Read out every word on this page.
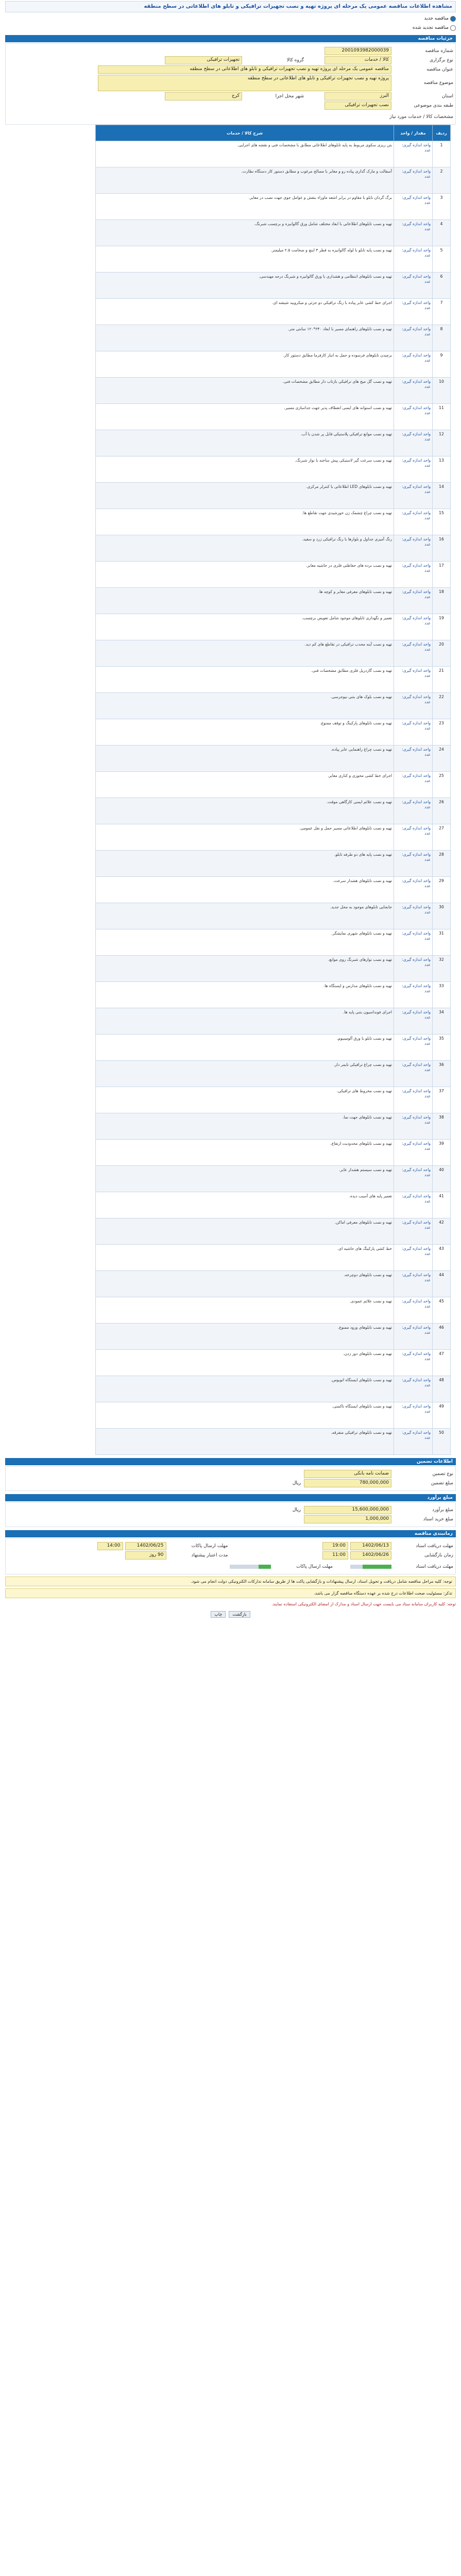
مشاهده اطلاعات مناقصه عمومی یک مرحله ای پروژه تهیه و نصب تجهیزات ترافیکی و تابلو های اطلاعاتی در سطح منطقه
مناقصه جدید
مناقصه تجدید شده
جزئیات مناقصه
شماره مناقصه
2001093982000039
نوع برگزاری
کالا / خدمات
گروه کالا
تجهیزات ترافیکی
عنوان مناقصه
مناقصه عمومی یک مرحله ای پروژه تهیه و نصب تجهیزات ترافیکی و تابلو های اطلاعاتی در سطح منطقه
موضوع مناقصه
پروژه تهیه و نصب تجهیزات ترافیکی و تابلو های اطلاعاتی در سطح منطقه
استان
البرز
شهر محل اجرا
کرج
طبقه بندی موضوعی
نصب تجهیزات ترافیکی
مشخصات کالا / خدمات مورد نیاز
ردیف	مقدار / واحد	شرح کالا / خدمات
1	واحد اندازه گیری: عدد	بتن ریزی سکوی مربوط به پایه تابلوهای اطلاعاتی مطابق با مشخصات فنی و نقشه های اجرایی.
2	واحد اندازه گیری: عدد	آسفالت و مارک گذاری پیاده رو و معابر با مصالح مرغوب و مطابق دستور کار دستگاه نظارت.
3	واحد اندازه گیری: عدد	برگ گردان تابلو با مقاوم در برابر اشعه ماوراء بنفش و عوامل جوی جهت نصب در معابر.
4	واحد اندازه گیری: عدد	تهیه و نصب تابلوهای اطلاعاتی با ابعاد مختلف شامل ورق گالوانیزه و برچسب شبرنگ.
5	واحد اندازه گیری: عدد	تهیه و نصب پایه تابلو با لوله گالوانیزه به قطر ۳ اینچ و ضخامت ۲.۵ میلیمتر.
6	واحد اندازه گیری: عدد	تهیه و نصب تابلوهای انتظامی و هشداری با ورق گالوانیزه و شبرنگ درجه مهندسی.
7	واحد اندازه گیری: عدد	اجرای خط کشی عابر پیاده با رنگ ترافیکی دو جزئی و میکروبید شیشه ای.
8	واحد اندازه گیری: عدد	تهیه و نصب تابلوهای راهنمای مسیر با ابعاد ۲۴۰*۱۲۰ سانتی متر.
9	واحد اندازه گیری: عدد	برچیدن تابلوهای فرسوده و حمل به انبار کارفرما مطابق دستور کار.
10	واحد اندازه گیری: عدد	تهیه و نصب گل میخ های ترافیکی بازتاب دار مطابق مشخصات فنی.
11	واحد اندازه گیری: عدد	تهیه و نصب استوانه های ایمنی انعطاف پذیر جهت جداسازی مسیر.
12	واحد اندازه گیری: عدد	تهیه و نصب موانع ترافیکی پلاستیکی قابل پر شدن با آب.
13	واحد اندازه گیری: عدد	تهیه و نصب سرعت گیر لاستیکی پیش ساخته با نوار شبرنگ.
14	واحد اندازه گیری: عدد	تهیه و نصب تابلوهای LED اطلاعاتی با کنترلر مرکزی.
15	واحد اندازه گیری: عدد	تهیه و نصب چراغ چشمک زن خورشیدی جهت تقاطع ها.
16	واحد اندازه گیری: عدد	رنگ آمیزی جداول و بلوارها با رنگ ترافیکی زرد و سفید.
17	واحد اندازه گیری: عدد	تهیه و نصب نرده های حفاظتی فلزی در حاشیه معابر.
18	واحد اندازه گیری: عدد	تهیه و نصب تابلوهای معرفی معابر و کوچه ها.
19	واحد اندازه گیری: عدد	تعمیر و نگهداری تابلوهای موجود شامل تعویض برچسب.
20	واحد اندازه گیری: عدد	تهیه و نصب آینه محدب ترافیکی در تقاطع های کم دید.
21	واحد اندازه گیری: عدد	تهیه و نصب گاردریل فلزی مطابق مشخصات فنی.
22	واحد اندازه گیری: عدد	تهیه و نصب بلوک های بتنی نیوجرسی.
23	واحد اندازه گیری: عدد	تهیه و نصب تابلوهای پارکینگ و توقف ممنوع.
24	واحد اندازه گیری: عدد	تهیه و نصب چراغ راهنمایی عابر پیاده.
25	واحد اندازه گیری: عدد	اجرای خط کشی محوری و کناری معابر.
26	واحد اندازه گیری: عدد	تهیه و نصب علائم ایمنی کارگاهی موقت.
27	واحد اندازه گیری: عدد	تهیه و نصب تابلوهای اطلاعاتی مسیر حمل و نقل عمومی.
28	واحد اندازه گیری: عدد	تهیه و نصب پایه های دو طرفه تابلو.
29	واحد اندازه گیری: عدد	تهیه و نصب تابلوهای هشدار سرعت.
30	واحد اندازه گیری: عدد	جابجایی تابلوهای موجود به محل جدید.
31	واحد اندازه گیری: عدد	تهیه و نصب تابلوهای شهری نمایشگر.
32	واحد اندازه گیری: عدد	تهیه و نصب نوارهای شبرنگ روی موانع.
33	واحد اندازه گیری: عدد	تهیه و نصب تابلوهای مدارس و ایستگاه ها.
34	واحد اندازه گیری: عدد	اجرای فونداسیون بتنی پایه ها.
35	واحد اندازه گیری: عدد	تهیه و نصب تابلو با ورق آلومینیوم.
36	واحد اندازه گیری: عدد	تهیه و نصب چراغ ترافیکی تایمر دار.
37	واحد اندازه گیری: عدد	تهیه و نصب مخروط های ترافیکی.
38	واحد اندازه گیری: عدد	تهیه و نصب تابلوهای جهت نما.
39	واحد اندازه گیری: عدد	تهیه و نصب تابلوهای محدودیت ارتفاع.
40	واحد اندازه گیری: عدد	تهیه و نصب سیستم هشدار عابر.
41	واحد اندازه گیری: عدد	تعمیر پایه های آسیب دیده.
42	واحد اندازه گیری: عدد	تهیه و نصب تابلوهای معرفی اماکن.
43	واحد اندازه گیری: عدد	خط کشی پارکینگ های حاشیه ای.
44	واحد اندازه گیری: عدد	تهیه و نصب تابلوهای دوچرخه.
45	واحد اندازه گیری: عدد	تهیه و نصب علائم عمودی.
46	واحد اندازه گیری: عدد	تهیه و نصب تابلوهای ورود ممنوع.
47	واحد اندازه گیری: عدد	تهیه و نصب تابلوهای دور زدن.
48	واحد اندازه گیری: عدد	تهیه و نصب تابلوهای ایستگاه اتوبوس.
49	واحد اندازه گیری: عدد	تهیه و نصب تابلوهای ایستگاه تاکسی.
50	واحد اندازه گیری: عدد	تهیه و نصب تابلوهای ترافیکی متفرقه.
اطلاعات تضمین
نوع تضمین
ضمانت نامه بانکی
مبلغ تضمین
780,000,000
ریال
مبلغ برآورد
مبلغ برآورد
15,600,000,000
ریال
مبلغ خرید اسناد
1,000,000
زمانبندی مناقصه
مهلت دریافت اسناد
1402/06/13
19:00
زمان بازگشایی
1402/06/26
11:00
مهلت ارسال پاکات
1402/06/25
14:00
مدت اعتبار پیشنهاد
90 روز
مهلت دریافت اسناد
مهلت ارسال پاکات
توجه: کلیه مراحل مناقصه شامل دریافت و تحویل اسناد، ارسال پیشنهادات و بازگشایی پاکت ها از طریق سامانه تدارکات الکترونیکی دولت انجام می شود.
تذکر: مسئولیت صحت اطلاعات درج شده بر عهده دستگاه مناقصه گزار می باشد.
توجه: کلیه کاربران سامانه ستاد می بایست جهت ارسال اسناد و مدارک از امضای الکترونیکی استفاده نمایند.
بازگشت
چاپ
